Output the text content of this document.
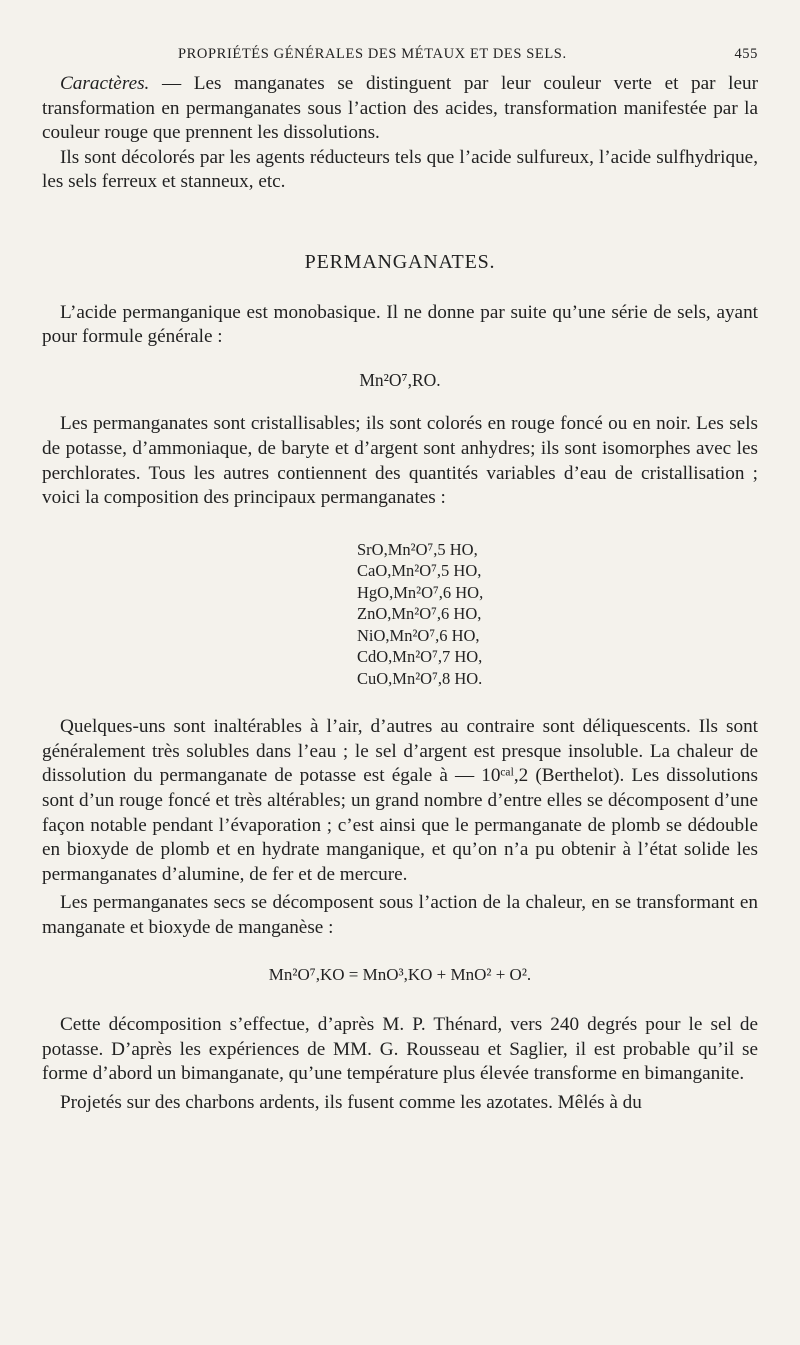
PROPRIÉTÉS GÉNÉRALES DES MÉTAUX ET DES SELS.	455

Caractères. — Les manganates se distinguent par leur couleur verte et par leur transformation en permanganates sous l’action des acides, transformation manifestée par la couleur rouge que prennent les dissolutions.

Ils sont décolorés par les agents réducteurs tels que l’acide sulfureux, l’acide sulfhydrique, les sels ferreux et stanneux, etc.

PERMANGANATES.

L’acide permanganique est monobasique. Il ne donne par suite qu’une série de sels, ayant pour formule générale :

Mn²O⁷,RO.

Les permanganates sont cristallisables; ils sont colorés en rouge foncé ou en noir. Les sels de potasse, d’ammoniaque, de baryte et d’argent sont anhydres; ils sont isomorphes avec les perchlorates. Tous les autres contiennent des quantités variables d’eau de cristallisation ; voici la composition des principaux permanganates :

SrO,Mn²O⁷,5 HO,
CaO,Mn²O⁷,5 HO,
HgO,Mn²O⁷,6 HO,
ZnO,Mn²O⁷,6 HO,
NiO,Mn²O⁷,6 HO,
CdO,Mn²O⁷,7 HO,
CuO,Mn²O⁷,8 HO.

Quelques-uns sont inaltérables à l’air, d’autres au contraire sont déliquescents. Ils sont généralement très solubles dans l’eau ; le sel d’argent est presque insoluble. La chaleur de dissolution du permanganate de potasse est égale à — 10ᶜᵃˡ,2 (Berthelot). Les dissolutions sont d’un rouge foncé et très altérables; un grand nombre d’entre elles se décomposent d’une façon notable pendant l’évaporation ; c’est ainsi que le permanganate de plomb se dédouble en bioxyde de plomb et en hydrate manganique, et qu’on n’a pu obtenir à l’état solide les permanganates d’alumine, de fer et de mercure.

Les permanganates secs se décomposent sous l’action de la chaleur, en se transformant en manganate et bioxyde de manganèse :

Mn²O⁷,KO = MnO³,KO + MnO² + O².

Cette décomposition s’effectue, d’après M. P. Thénard, vers 240 degrés pour le sel de potasse. D’après les expériences de MM. G. Rousseau et Saglier, il est probable qu’il se forme d’abord un bimanganate, qu’une température plus élevée transforme en bimanganite.

Projetés sur des charbons ardents, ils fusent comme les azotates. Mêlés à du
